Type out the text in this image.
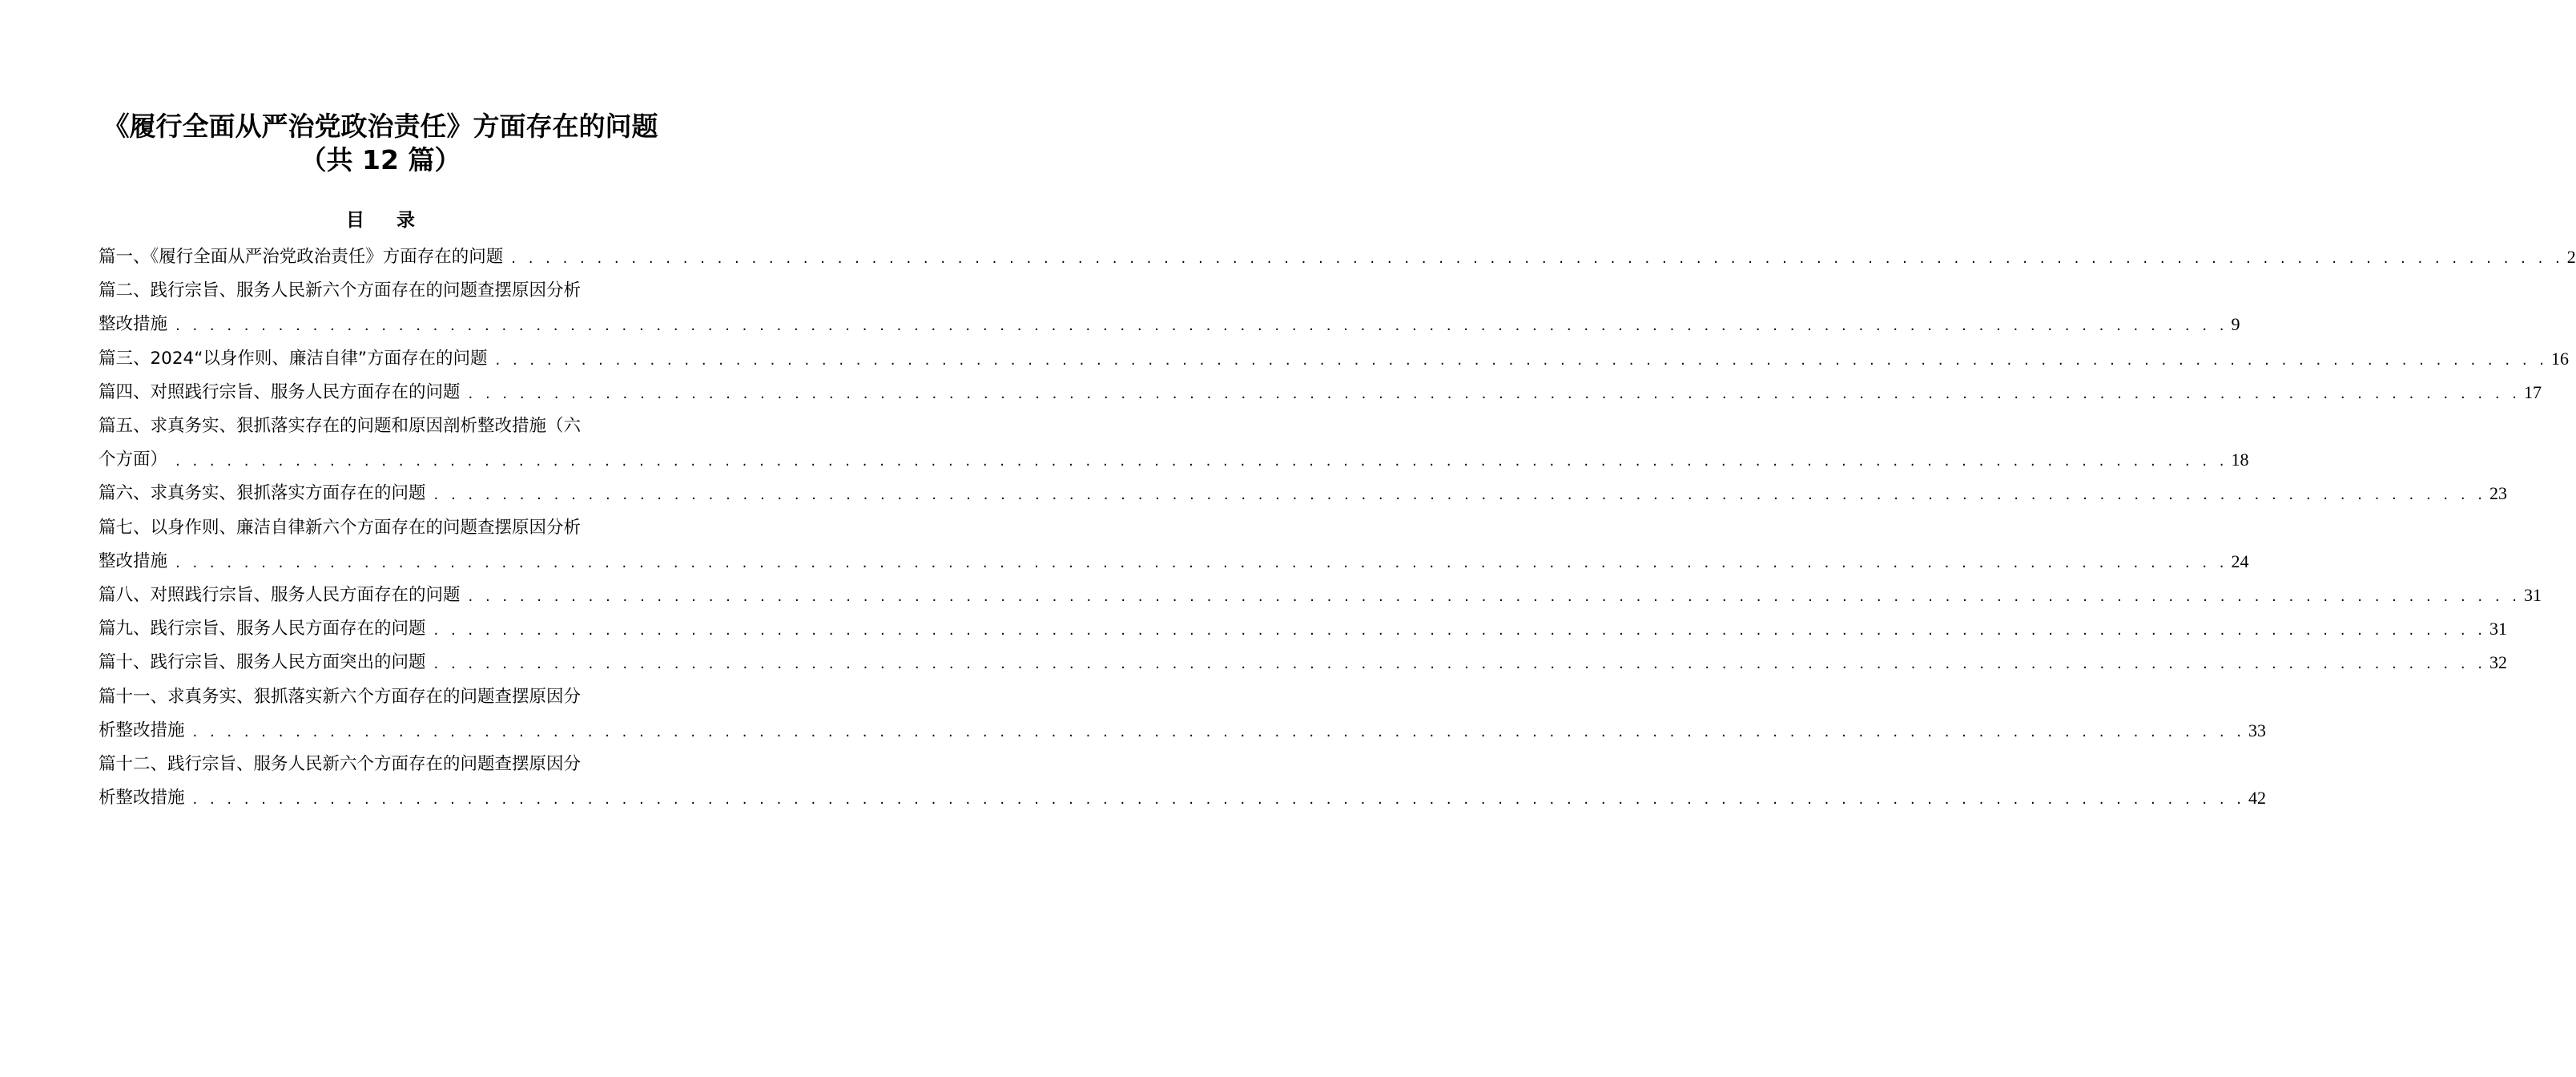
《履行全面从严治党政治责任》方面存在的问题
（共 12 篇）
目 录
篇一、《履行全面从严治党政治责任》方面存在的问题 . . . . . . . . . . . . . . . . . . . . . . . . . . . . . . . . . . . . . . . . . . . . . . . . . . . . . . . . . . . . . . . . . . . . . . . . . . . . . . . . . . . . . . . . . . . . . . . . . . . . . . . . . . . . . . . . . . . . . . . . 2
篇二、践行宗旨、服务人民新六个方面存在的问题查摆原因分析
整改措施 . . . . . . . . . . . . . . . . . . . . . . . . . . . . . . . . . . . . . . . . . . . . . . . . . . . . . . . . . . . . . . . . . . . . . . . . . . . . . . . . . . . . . . . . . . . . . . . . . . . . . . . . . . . . . . . . . . . . . . . . 9
篇三、2024“以身作则、廉洁自律”方面存在的问题 . . . . . . . . . . . . . . . . . . . . . . . . . . . . . . . . . . . . . . . . . . . . . . . . . . . . . . . . . . . . . . . . . . . . . . . . . . . . . . . . . . . . . . . . . . . . . . . . . . . . . . . . . . . . . . . . . . . . . . . . 16
篇四、对照践行宗旨、服务人民方面存在的问题 . . . . . . . . . . . . . . . . . . . . . . . . . . . . . . . . . . . . . . . . . . . . . . . . . . . . . . . . . . . . . . . . . . . . . . . . . . . . . . . . . . . . . . . . . . . . . . . . . . . . . . . . . . . . . . . . . . . . . . . . 17
篇五、求真务实、狠抓落实存在的问题和原因剖析整改措施（六
个方面） . . . . . . . . . . . . . . . . . . . . . . . . . . . . . . . . . . . . . . . . . . . . . . . . . . . . . . . . . . . . . . . . . . . . . . . . . . . . . . . . . . . . . . . . . . . . . . . . . . . . . . . . . . . . . . . . . . . . . . . . 18
篇六、求真务实、狠抓落实方面存在的问题 . . . . . . . . . . . . . . . . . . . . . . . . . . . . . . . . . . . . . . . . . . . . . . . . . . . . . . . . . . . . . . . . . . . . . . . . . . . . . . . . . . . . . . . . . . . . . . . . . . . . . . . . . . . . . . . . . . . . . . . . 23
篇七、以身作则、廉洁自律新六个方面存在的问题查摆原因分析
整改措施 . . . . . . . . . . . . . . . . . . . . . . . . . . . . . . . . . . . . . . . . . . . . . . . . . . . . . . . . . . . . . . . . . . . . . . . . . . . . . . . . . . . . . . . . . . . . . . . . . . . . . . . . . . . . . . . . . . . . . . . . 24
篇八、对照践行宗旨、服务人民方面存在的问题 . . . . . . . . . . . . . . . . . . . . . . . . . . . . . . . . . . . . . . . . . . . . . . . . . . . . . . . . . . . . . . . . . . . . . . . . . . . . . . . . . . . . . . . . . . . . . . . . . . . . . . . . . . . . . . . . . . . . . . . . 31
篇九、践行宗旨、服务人民方面存在的问题 . . . . . . . . . . . . . . . . . . . . . . . . . . . . . . . . . . . . . . . . . . . . . . . . . . . . . . . . . . . . . . . . . . . . . . . . . . . . . . . . . . . . . . . . . . . . . . . . . . . . . . . . . . . . . . . . . . . . . . . . 31
篇十、践行宗旨、服务人民方面突出的问题 . . . . . . . . . . . . . . . . . . . . . . . . . . . . . . . . . . . . . . . . . . . . . . . . . . . . . . . . . . . . . . . . . . . . . . . . . . . . . . . . . . . . . . . . . . . . . . . . . . . . . . . . . . . . . . . . . . . . . . . . 32
篇十一、求真务实、狠抓落实新六个方面存在的问题查摆原因分
析整改措施 . . . . . . . . . . . . . . . . . . . . . . . . . . . . . . . . . . . . . . . . . . . . . . . . . . . . . . . . . . . . . . . . . . . . . . . . . . . . . . . . . . . . . . . . . . . . . . . . . . . . . . . . . . . . . . . . . . . . . . . . 33
篇十二、践行宗旨、服务人民新六个方面存在的问题查摆原因分
析整改措施 . . . . . . . . . . . . . . . . . . . . . . . . . . . . . . . . . . . . . . . . . . . . . . . . . . . . . . . . . . . . . . . . . . . . . . . . . . . . . . . . . . . . . . . . . . . . . . . . . . . . . . . . . . . . . . . . . . . . . . . . 42
